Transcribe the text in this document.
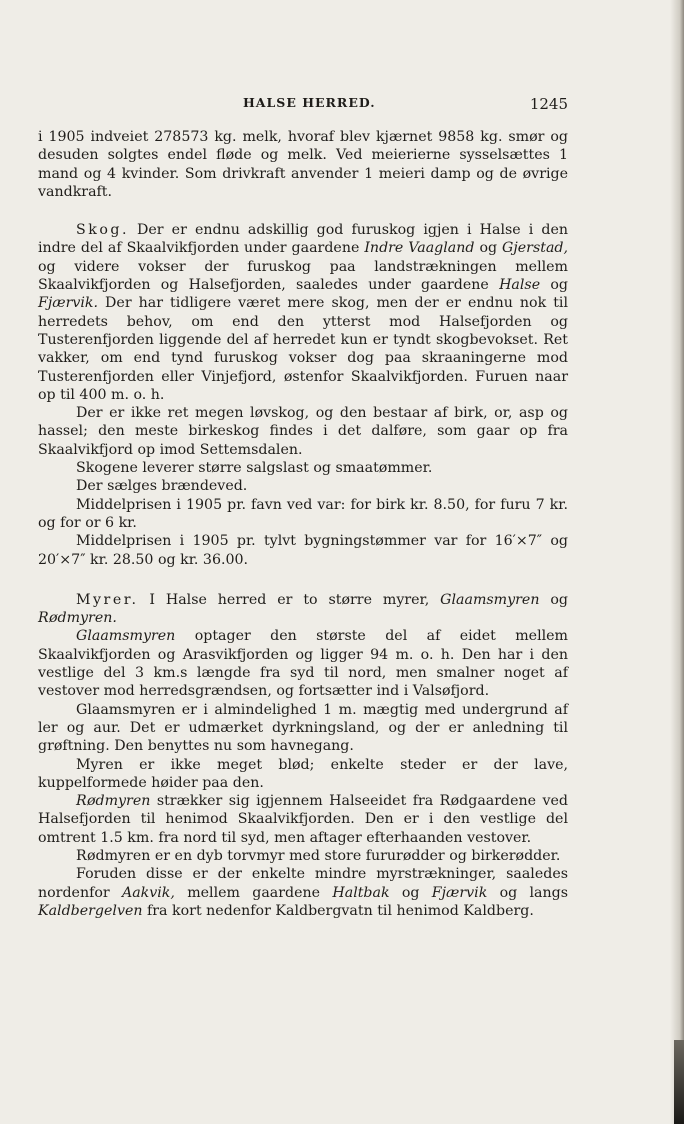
HALSE HERRED.	1245

i 1905 indveiet 278573 kg. melk, hvoraf blev kjærnet 9858 kg. smør og desuden solgtes endel fløde og melk. Ved meierierne sysselsættes 1 mand og 4 kvinder. Som drivkraft anvender 1 meieri damp og de øvrige vandkraft.

Skog. Der er endnu adskillig god furuskog igjen i Halse i den indre del af Skaalvikfjorden under gaardene Indre Vaagland og Gjerstad, og videre vokser der furuskog paa landstrækningen mellem Skaalvikfjorden og Halsefjorden, saaledes under gaardene Halse og Fjærvik. Der har tidligere været mere skog, men der er endnu nok til herredets behov, om end den ytterst mod Halsefjorden og Tusterenfjorden liggende del af herredet kun er tyndt skogbevokset. Ret vakker, om end tynd furuskog vokser dog paa skraaningerne mod Tusterenfjorden eller Vinjefjord, østenfor Skaalvikfjorden. Furuen naar op til 400 m. o. h.

Der er ikke ret megen løvskog, og den bestaar af birk, or, asp og hassel; den meste birkeskog findes i det dalføre, som gaar op fra Skaalvikfjord op imod Settemsdalen.

Skogene leverer større salgslast og smaatømmer.

Der sælges brændeved.

Middelprisen i 1905 pr. favn ved var: for birk kr. 8.50, for furu 7 kr. og for or 6 kr.

Middelprisen i 1905 pr. tylvt bygningstømmer var for 16′×7″ og 20′×7″ kr. 28.50 og kr. 36.00.

Myrer. I Halse herred er to større myrer, Glaamsmyren og Rødmyren.

Glaamsmyren optager den største del af eidet mellem Skaalvikfjorden og Arasvikfjorden og ligger 94 m. o. h. Den har i den vestlige del 3 km.s længde fra syd til nord, men smalner noget af vestover mod herredsgrændsen, og fortsætter ind i Valsøfjord.

Glaamsmyren er i almindelighed 1 m. mægtig med undergrund af ler og aur. Det er udmærket dyrkningsland, og der er anledning til grøftning. Den benyttes nu som havnegang.

Myren er ikke meget blød; enkelte steder er der lave, kuppelformede høider paa den.

Rødmyren strækker sig igjennem Halseeidet fra Rødgaardene ved Halsefjorden til henimod Skaalvikfjorden. Den er i den vestlige del omtrent 1.5 km. fra nord til syd, men aftager efterhaanden vestover.

Rødmyren er en dyb torvmyr med store fururødder og birkerødder.

Foruden disse er der enkelte mindre myrstrækninger, saaledes nordenfor Aakvik, mellem gaardene Haltbak og Fjærvik og langs Kaldbergelven fra kort nedenfor Kaldbergvatn til henimod Kaldberg.
